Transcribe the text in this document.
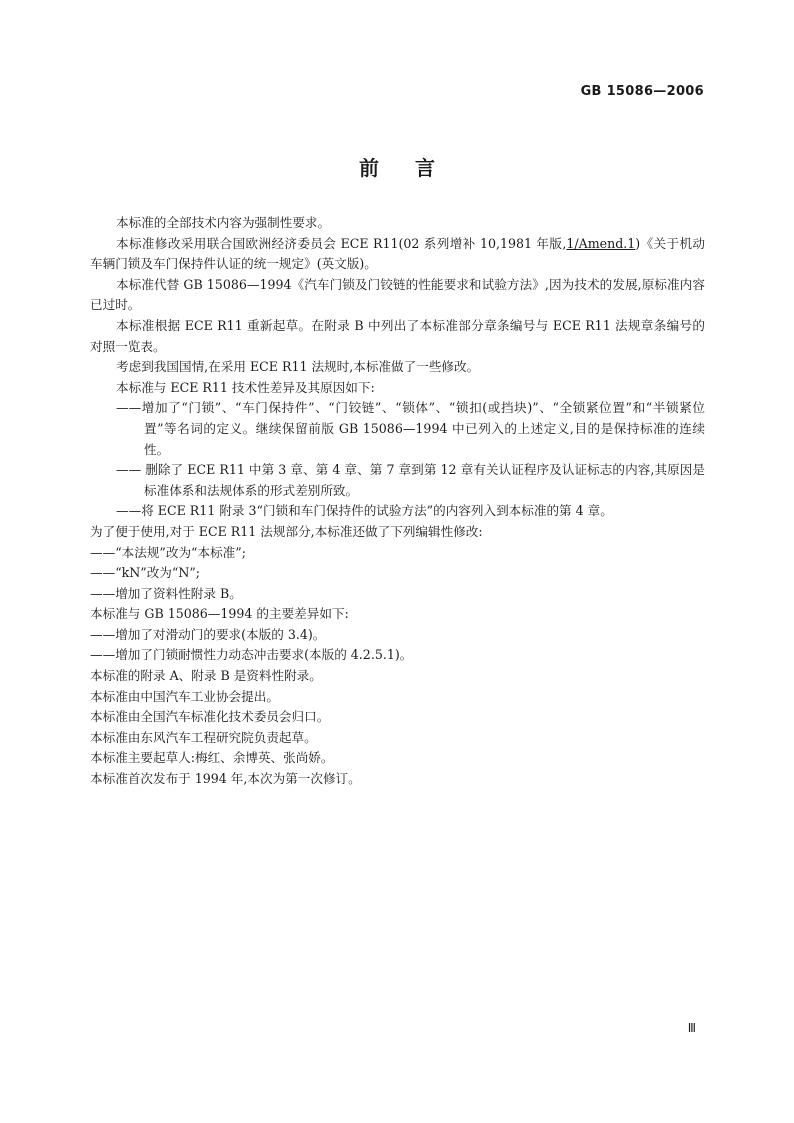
GB 15086—2006
前言

本标准的全部技术内容为强制性要求。

本标准修改采用联合国欧洲经济委员会 ECE R11(02 系列增补 10,1981 年版,1/Amend.1)《关于机动车辆门锁及车门保持件认证的统一规定》(英文版)。

本标准代替 GB 15086—1994《汽车门锁及门铰链的性能要求和试验方法》,因为技术的发展,原标准内容已过时。

本标准根据 ECE R11 重新起草。在附录 B 中列出了本标准部分章条编号与 ECE R11 法规章条编号的对照一览表。

考虑到我国国情,在采用 ECE R11 法规时,本标准做了一些修改。

本标准与 ECE R11 技术性差异及其原因如下:

——增加了“门锁”、“车门保持件”、“门铰链”、“锁体”、“锁扣(或挡块)”、“全锁紧位置”和“半锁紧位置”等名词的定义。继续保留前版 GB 15086—1994 中已列入的上述定义,目的是保持标准的连续性。

—— 删除了 ECE R11 中第 3 章、第 4 章、第 7 章到第 12 章有关认证程序及认证标志的内容,其原因是标准体系和法规体系的形式差别所致。

——将 ECE R11 附录 3“门锁和车门保持件的试验方法”的内容列入到本标准的第 4 章。

为了便于使用,对于 ECE R11 法规部分,本标准还做了下列编辑性修改:

——“本法规”改为“本标准”;

——“kN”改为“N”;

——增加了资料性附录 B。

本标准与 GB 15086—1994 的主要差异如下:

——增加了对滑动门的要求(本版的 3.4)。

——增加了门锁耐惯性力动态冲击要求(本版的 4.2.5.1)。

本标准的附录 A、附录 B 是资料性附录。

本标准由中国汽车工业协会提出。

本标准由全国汽车标准化技术委员会归口。

本标准由东风汽车工程研究院负责起草。

本标准主要起草人:梅红、余博英、张尚娇。

本标准首次发布于 1994 年,本次为第一次修订。

Ⅲ
